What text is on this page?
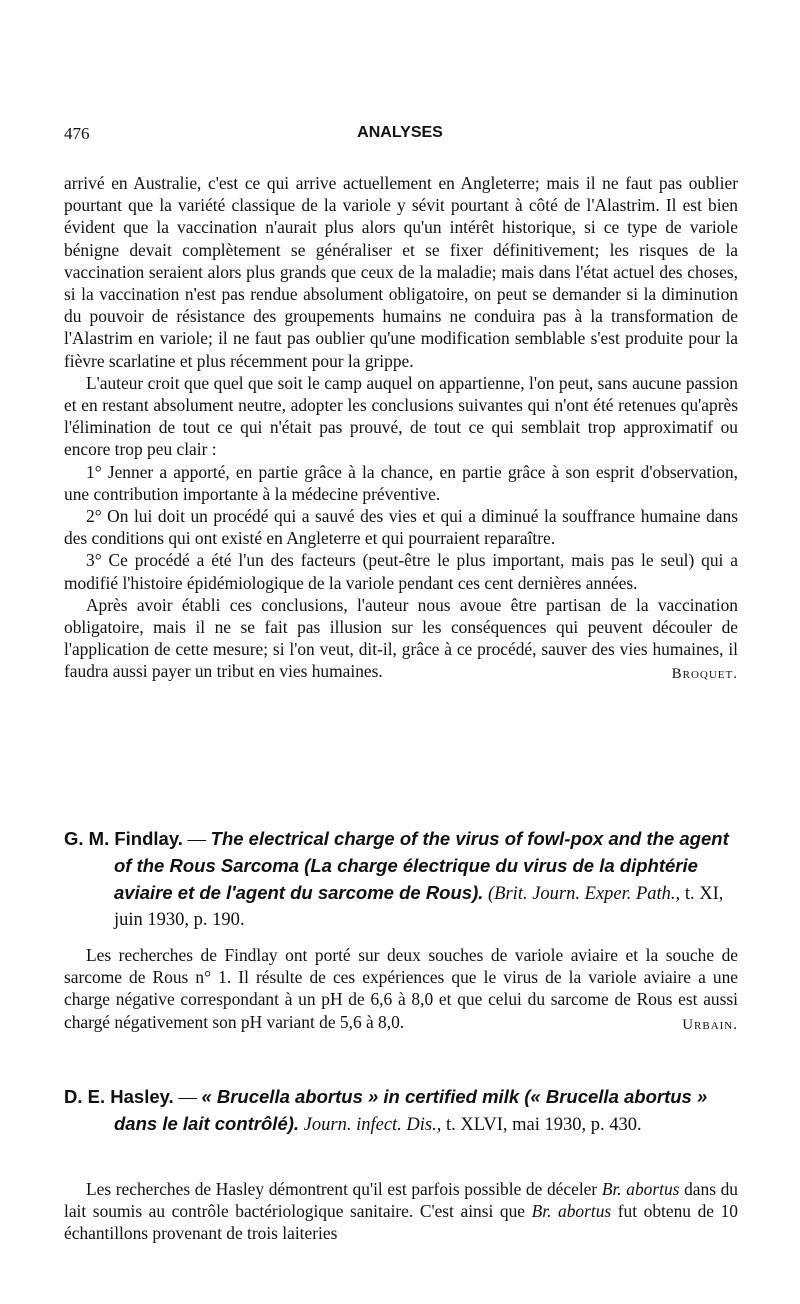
476	ANALYSES

arrivé en Australie, c'est ce qui arrive actuellement en Angleterre; mais il ne faut pas oublier pourtant que la variété classique de la variole y sévit pourtant à côté de l'Alastrim. Il est bien évident que la vaccination n'aurait plus alors qu'un intérêt historique, si ce type de variole bénigne devait complètement se généraliser et se fixer définitivement; les risques de la vaccination seraient alors plus grands que ceux de la maladie; mais dans l'état actuel des choses, si la vaccination n'est pas rendue absolument obligatoire, on peut se demander si la diminution du pouvoir de résistance des groupements humains ne conduira pas à la transformation de l'Alastrim en variole; il ne faut pas oublier qu'une modification semblable s'est produite pour la fièvre scarlatine et plus récemment pour la grippe.

L'auteur croit que quel que soit le camp auquel on appartienne, l'on peut, sans aucune passion et en restant absolument neutre, adopter les conclusions suivantes qui n'ont été retenues qu'après l'élimination de tout ce qui n'était pas prouvé, de tout ce qui semblait trop approximatif ou encore trop peu clair :

1° Jenner a apporté, en partie grâce à la chance, en partie grâce à son esprit d'observation, une contribution importante à la médecine préventive.

2° On lui doit un procédé qui a sauvé des vies et qui a diminué la souffrance humaine dans des conditions qui ont existé en Angleterre et qui pourraient reparaître.

3° Ce procédé a été l'un des facteurs (peut-être le plus important, mais pas le seul) qui a modifié l'histoire épidémiologique de la variole pendant ces cent dernières années.

Après avoir établi ces conclusions, l'auteur nous avoue être partisan de la vaccination obligatoire, mais il ne se fait pas illusion sur les conséquences qui peuvent découler de l'application de cette mesure; si l'on veut, dit-il, grâce à ce procédé, sauver des vies humaines, il faudra aussi payer un tribut en vies humaines.	Broquet.

G. M. Findlay. — The electrical charge of the virus of fowl-pox and the agent of the Rous Sarcoma (La charge électrique du virus de la diphtérie aviaire et de l'agent du sarcome de Rous). (Brit. Journ. Exper. Path., t. XI, juin 1930, p. 190.

Les recherches de Findlay ont porté sur deux souches de variole aviaire et la souche de sarcome de Rous n° 1. Il résulte de ces expériences que le virus de la variole aviaire a une charge négative correspondant à un pH de 6,6 à 8,0 et que celui du sarcome de Rous est aussi chargé négativement son pH variant de 5,6 à 8,0.	Urbain.

D. E. Hasley. — « Brucella abortus » in certified milk (« Brucella abortus » dans le lait contrôlé). Journ. infect. Dis., t. XLVI, mai 1930, p. 430.

Les recherches de Hasley démontrent qu'il est parfois possible de déceler Br. abortus dans du lait soumis au contrôle bactériologique sanitaire. C'est ainsi que Br. abortus fut obtenu de 10 échantillons provenant de trois laiteries
